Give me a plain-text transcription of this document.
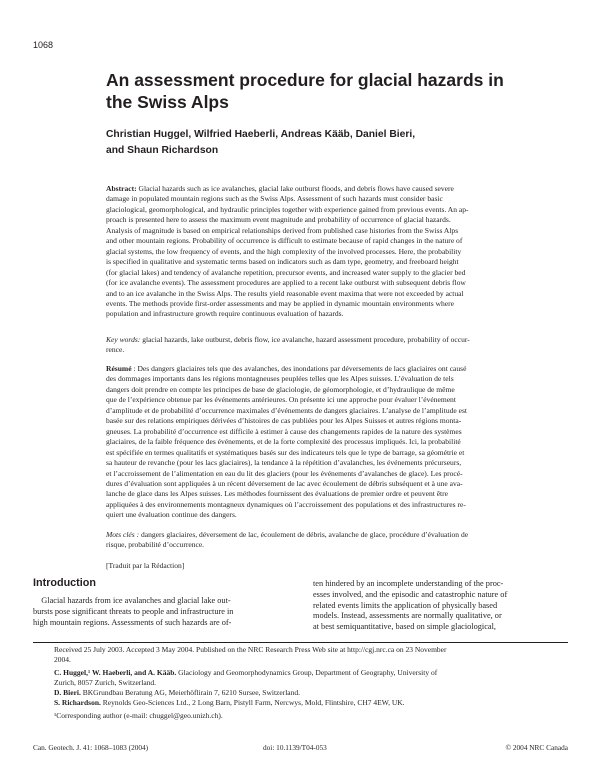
1068
An assessment procedure for glacial hazards in
the Swiss Alps
Christian Huggel, Wilfried Haeberli, Andreas Kääb, Daniel Bieri,
and Shaun Richardson
Abstract: Glacial hazards such as ice avalanches, glacial lake outburst floods, and debris flows have caused severe
damage in populated mountain regions such as the Swiss Alps. Assessment of such hazards must consider basic
glaciological, geomorphological, and hydraulic principles together with experience gained from previous events. An ap-
proach is presented here to assess the maximum event magnitude and probability of occurrence of glacial hazards.
Analysis of magnitude is based on empirical relationships derived from published case histories from the Swiss Alps
and other mountain regions. Probability of occurrence is difficult to estimate because of rapid changes in the nature of
glacial systems, the low frequency of events, and the high complexity of the involved processes. Here, the probability
is specified in qualitative and systematic terms based on indicators such as dam type, geometry, and freeboard height
(for glacial lakes) and tendency of avalanche repetition, precursor events, and increased water supply to the glacier bed
(for ice avalanche events). The assessment procedures are applied to a recent lake outburst with subsequent debris flow
and to an ice avalanche in the Swiss Alps. The results yield reasonable event maxima that were not exceeded by actual
events. The methods provide first-order assessments and may be applied in dynamic mountain environments where
population and infrastructure growth require continuous evaluation of hazards.
Key words: glacial hazards, lake outburst, debris flow, ice avalanche, hazard assessment procedure, probability of occur-
rence.
Résumé : Des dangers glaciaires tels que des avalanches, des inondations par déversements de lacs glaciaires ont causé
des dommages importants dans les régions montagneuses peuplées telles que les Alpes suisses. L’évaluation de tels
dangers doit prendre en compte les principes de base de glaciologie, de géomorphologie, et d’hydraulique de même
que de l’expérience obtenue par les événements antérieures. On présente ici une approche pour évaluer l’événement
d’amplitude et de probabilité d’occurrence maximales d’événements de dangers glaciaires. L’analyse de l’amplitude est
basée sur des relations empiriques dérivées d’histoires de cas publiées pour les Alpes Suisses et autres régions monta-
gneuses. La probabilité d’occurrence est difficile à estimer à cause des changements rapides de la nature des systèmes
glaciaires, de la faible fréquence des événements, et de la forte complexité des processus impliqués. Ici, la probabilité
est spécifiée en termes qualitatifs et systématiques basés sur des indicateurs tels que le type de barrage, sa géométrie et
sa hauteur de revanche (pour les lacs glaciaires), la tendance à la répétition d’avalanches, les événements précurseurs,
et l’accroissement de l’alimentation en eau du lit des glaciers (pour les événements d’avalanches de glace). Les procé-
dures d’évaluation sont appliquées à un récent déversement de lac avec écoulement de débris subséquent et à une ava-
lanche de glace dans les Alpes suisses. Les méthodes fournissent des évaluations de premier ordre et peuvent être
appliquées à des environnements montagneux dynamiques où l’accroissement des populations et des infrastructures re-
quiert une évaluation continue des dangers.
Mots clés : dangers glaciaires, déversement de lac, écoulement de débris, avalanche de glace, procédure d’évaluation de
risque, probabilité d’occurrence.
[Traduit par la Rédaction]
Introduction
Glacial hazards from ice avalanches and glacial lake out-
bursts pose significant threats to people and infrastructure in
high mountain regions. Assessments of such hazards are of-
ten hindered by an incomplete understanding of the proc-
esses involved, and the episodic and catastrophic nature of
related events limits the application of physically based
models. Instead, assessments are normally qualitative, or
at best semiquantitative, based on simple glaciological,
Received 25 July 2003. Accepted 3 May 2004. Published on the NRC Research Press Web site at http://cgj.nrc.ca on 23 November
2004.
C. Huggel,¹ W. Haeberli, and A. Kääb. Glaciology and Geomorphodynamics Group, Department of Geography, University of
Zurich, 8057 Zurich, Switzerland.
D. Bieri. BKGrundbau Beratung AG, Meierhöflirain 7, 6210 Sursee, Switzerland.
S. Richardson. Reynolds Geo-Sciences Ltd., 2 Long Barn, Pistyll Farm, Nercwys, Mold, Flintshire, CH7 4EW, UK.
¹Corresponding author (e-mail: chuggel@geo.unizh.ch).
Can. Geotech. J. 41: 1068–1083 (2004)	doi: 10.1139/T04-053	© 2004 NRC Canada
